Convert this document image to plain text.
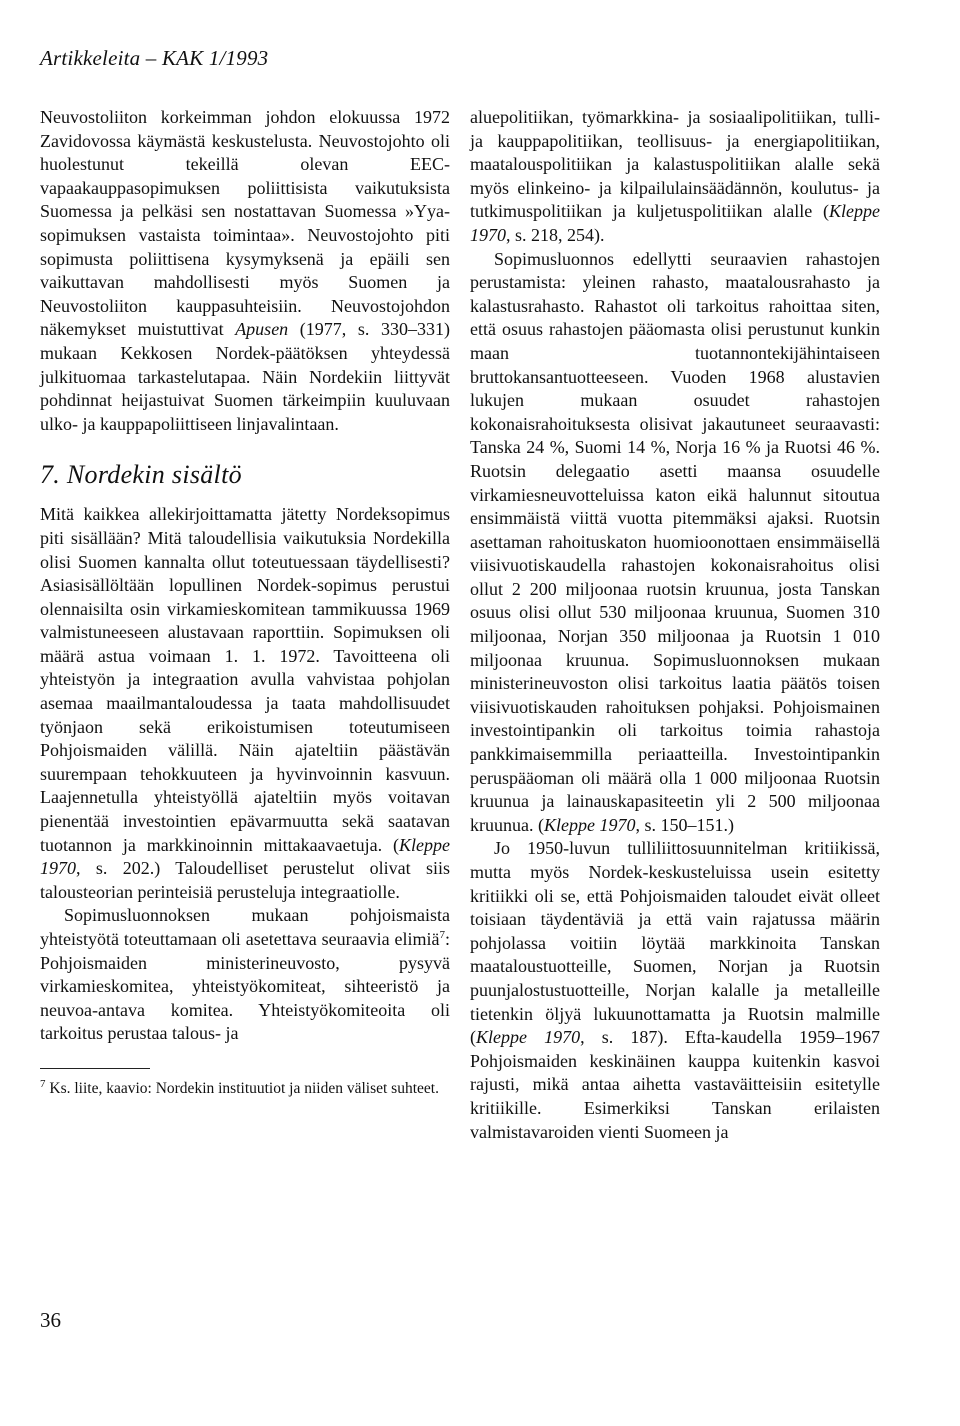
Artikkeleita – KAK 1/1993

Neuvostoliiton korkeimman johdon elokuussa 1972 Zavidovossa käymästä keskustelusta. Neuvostojohto oli huolestunut tekeillä olevan EEC-vapaakauppasopimuksen poliittisista vaikutuksista Suomessa ja pelkäsi sen nostattavan Suomessa »Yya-sopimuksen vastaista toimintaa». Neuvostojohto piti sopimusta poliittisena kysymyksenä ja epäili sen vaikuttavan mahdollisesti myös Suomen ja Neuvostoliiton kauppasuhteisiin. Neuvostojohdon näkemykset muistuttivat Apusen (1977, s. 330–331) mukaan Kekkosen Nordek-päätöksen yhteydessä julkituomaa tarkastelutapaa. Näin Nordekiin liittyvät pohdinnat heijastuivat Suomen tärkeimpiin kuuluvaan ulko- ja kauppapoliittiseen linjavalintaan.

7. Nordekin sisältö

Mitä kaikkea allekirjoittamatta jätetty Nordeksopimus piti sisällään? Mitä taloudellisia vaikutuksia Nordekilla olisi Suomen kannalta ollut toteutuessaan täydellisesti? Asiasisällöltään lopullinen Nordek-sopimus perustui olennaisilta osin virkamieskomitean tammikuussa 1969 valmistuneeseen alustavaan raporttiin. Sopimuksen oli määrä astua voimaan 1. 1. 1972. Tavoitteena oli yhteistyön ja integraation avulla vahvistaa pohjolan asemaa maailmantaloudessa ja taata mahdollisuudet työnjaon sekä erikoistumisen toteutumiseen Pohjoismaiden välillä. Näin ajateltiin päästävän suurempaan tehokkuuteen ja hyvinvoinnin kasvuun. Laajennetulla yhteistyöllä ajateltiin myös voitavan pienentää investointien epävarmuutta sekä saatavan tuotannon ja markkinoinnin mittakaavaetuja. (Kleppe 1970, s. 202.) Taloudelliset perustelut olivat siis talousteorian perinteisiä perusteluja integraatiolle.

Sopimusluonnoksen mukaan pohjoismaista yhteistyötä toteuttamaan oli asetettava seuraavia elimiä$^7$: Pohjoismaiden ministerineuvosto, pysyvä virkamieskomitea, yhteistyökomiteat, sihteeristö ja neuvoa-antava komitea. Yhteistyökomiteoita oli tarkoitus perustaa talous- ja

$^7$ Ks. liite, kaavio: Nordekin instituutiot ja niiden väliset suhteet.

aluepolitiikan, työmarkkina- ja sosiaalipolitiikan, tulli- ja kauppapolitiikan, teollisuus- ja energiapolitiikan, maatalouspolitiikan ja kalastuspolitiikan alalle sekä myös elinkeino- ja kilpailulainsäädännön, koulutus- ja tutkimuspolitiikan ja kuljetuspolitiikan alalle (Kleppe 1970, s. 218, 254).

Sopimusluonnos edellytti seuraavien rahastojen perustamista: yleinen rahasto, maatalousrahasto ja kalastusrahasto. Rahastot oli tarkoitus rahoittaa siten, että osuus rahastojen pääomasta olisi perustunut kunkin maan tuotannontekijähintaiseen bruttokansantuotteeseen. Vuoden 1968 alustavien lukujen mukaan osuudet rahastojen kokonaisrahoituksesta olisivat jakautuneet seuraavasti: Tanska 24 %, Suomi 14 %, Norja 16 % ja Ruotsi 46 %. Ruotsin delegaatio asetti maansa osuudelle virkamiesneuvotteluissa katon eikä halunnut sitoutua ensimmäistä viittä vuotta pitemmäksi ajaksi. Ruotsin asettaman rahoituskaton huomioonottaen ensimmäisellä viisivuotiskaudella rahastojen kokonaisrahoitus olisi ollut 2 200 miljoonaa ruotsin kruunua, josta Tanskan osuus olisi ollut 530 miljoonaa kruunua, Suomen 310 miljoonaa, Norjan 350 miljoonaa ja Ruotsin 1 010 miljoonaa kruunua. Sopimusluonnoksen mukaan ministerineuvoston olisi tarkoitus laatia päätös toisen viisivuotiskauden rahoituksen pohjaksi. Pohjoismainen investointipankin oli tarkoitus toimia rahastoja pankkimaisemmilla periaatteilla. Investointipankin peruspääoman oli määrä olla 1 000 miljoonaa Ruotsin kruunua ja lainauskapasiteetin yli 2 500 miljoonaa kruunua. (Kleppe 1970, s. 150–151.)

Jo 1950-luvun tulliliittosuunnitelman kritiikissä, mutta myös Nordek-keskusteluissa usein esitetty kritiikki oli se, että Pohjoismaiden taloudet eivät olleet toisiaan täydentäviä ja että vain rajatussa määrin pohjolassa voitiin löytää markkinoita Tanskan maataloustuotteille, Suomen, Norjan ja Ruotsin puunjalostustuotteille, Norjan kalalle ja metalleille tietenkin öljyä lukuunottamatta ja Ruotsin malmille (Kleppe 1970, s. 187). Efta-kaudella 1959–1967 Pohjoismaiden keskinäinen kauppa kuitenkin kasvoi rajusti, mikä antaa aihetta vastaväitteisiin esitetylle kritiikille. Esimerkiksi Tanskan erilaisten valmistavaroiden vienti Suomeen ja

36
